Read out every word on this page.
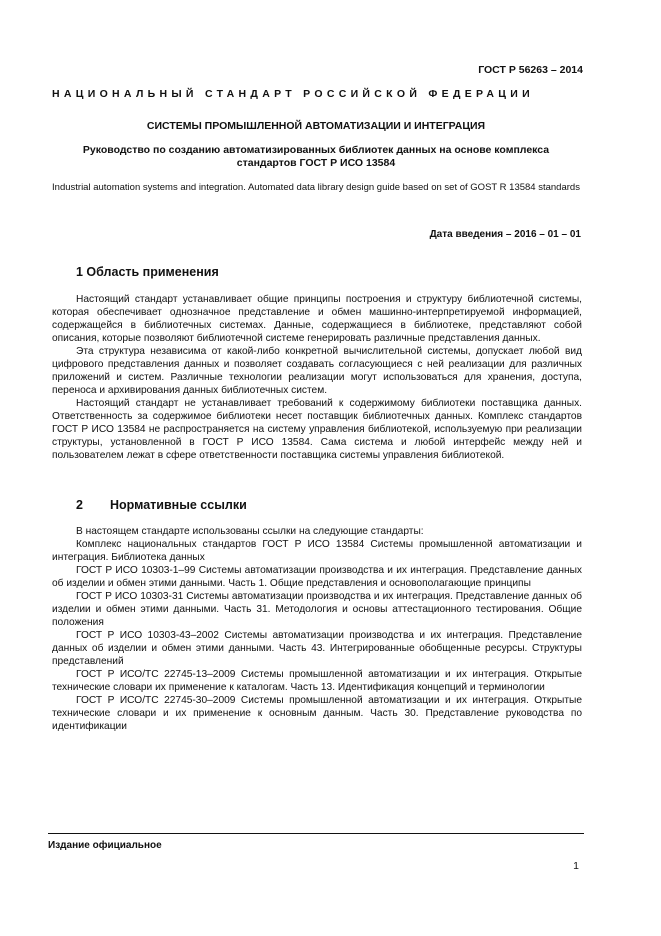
ГОСТ Р 56263 – 2014
НАЦИОНАЛЬНЫЙ СТАНДАРТ РОССИЙСКОЙ ФЕДЕРАЦИИ
СИСТЕМЫ ПРОМЫШЛЕННОЙ АВТОМАТИЗАЦИИ И ИНТЕГРАЦИЯ
Руководство по созданию автоматизированных библиотек данных на основе комплекса стандартов ГОСТ Р ИСО 13584
Industrial automation systems and integration. Automated data library design guide based on set of GOST R 13584 standards
Дата введения – 2016 – 01 – 01
1 Область применения

Настоящий стандарт устанавливает общие принципы построения и структуру библиотечной системы, которая обеспечивает однозначное представление и обмен машинно-интерпретируемой информацией, содержащейся в библиотечных системах. Данные, содержащиеся в библиотеке, представляют собой описания, которые позволяют библиотечной системе генерировать различные представления данных.

Эта структура независима от какой-либо конкретной вычислительной системы, допускает любой вид цифрового представления данных и позволяет создавать согласующиеся с ней реализации для различных приложений и систем. Различные технологии реализации могут использоваться для хранения, доступа, переноса и архивирования данных библиотечных систем.

Настоящий стандарт не устанавливает требований к содержимому библиотеки поставщика данных. Ответственность за содержимое библиотеки несет поставщик библиотечных данных. Комплекс стандартов ГОСТ Р ИСО 13584 не распространяется на систему управления библиотекой, используемую при реализации структуры, установленной в ГОСТ Р ИСО 13584. Сама система и любой интерфейс между ней и пользователем лежат в сфере ответственности поставщика системы управления библиотекой.

2 Нормативные ссылки

В настоящем стандарте использованы ссылки на следующие стандарты:

Комплекс национальных стандартов ГОСТ Р ИСО 13584 Системы промышленной автоматизации и интеграция. Библиотека данных

ГОСТ Р ИСО 10303-1–99 Системы автоматизации производства и их интеграция. Представление данных об изделии и обмен этими данными. Часть 1. Общие представления и основополагающие принципы

ГОСТ Р ИСО 10303-31 Системы автоматизации производства и их интеграция. Представление данных об изделии и обмен этими данными. Часть 31. Методология и основы аттестационного тестирования. Общие положения

ГОСТ Р ИСО 10303-43–2002 Системы автоматизации производства и их интеграция. Представление данных об изделии и обмен этими данными. Часть 43. Интегрированные обобщенные ресурсы. Структуры представлений

ГОСТ Р ИСО/ТС 22745-13–2009 Системы промышленной автоматизации и их интеграция. Открытые технические словари их применение к каталогам. Часть 13. Идентификация концепций и терминологии

ГОСТ Р ИСО/ТС 22745-30–2009 Системы промышленной автоматизации и их интеграция. Открытые технические словари и их применение к основным данным. Часть 30. Представление руководства по идентификации

Издание официальное
1
